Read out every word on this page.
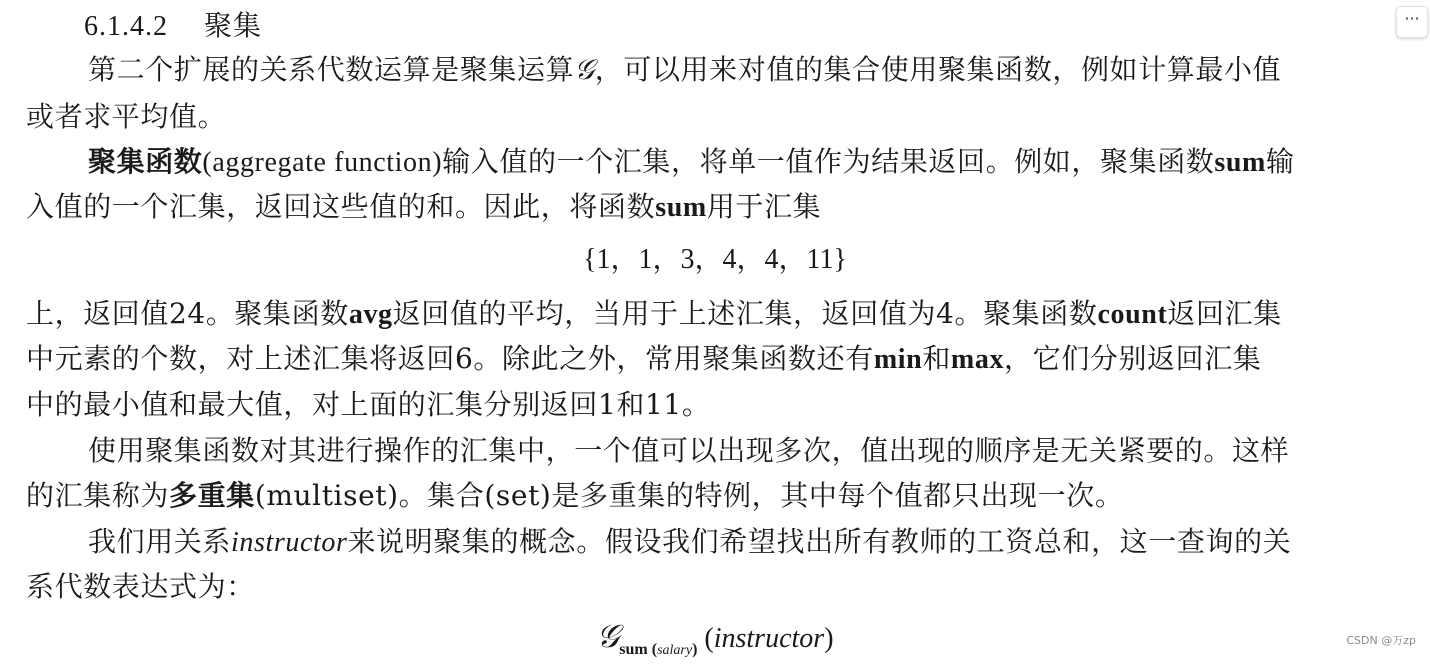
6.1.4.2 聚集
第二个扩展的关系代数运算是聚集运算𝒢，可以用来对值的集合使用聚集函数，例如计算最小值
或者求平均值。
聚集函数(aggregate function)输入值的一个汇集，将单一值作为结果返回。例如，聚集函数sum输
入值的一个汇集，返回这些值的和。因此，将函数sum用于汇集
{1，1，3，4，4，11}
上，返回值24。聚集函数avg返回值的平均，当用于上述汇集，返回值为4。聚集函数count返回汇集
中元素的个数，对上述汇集将返回6。除此之外，常用聚集函数还有min和max，它们分别返回汇集
中的最小值和最大值，对上面的汇集分别返回1和11。
使用聚集函数对其进行操作的汇集中，一个值可以出现多次，值出现的顺序是无关紧要的。这样
的汇集称为多重集(multiset)。集合(set)是多重集的特例，其中每个值都只出现一次。
我们用关系instructor来说明聚集的概念。假设我们希望找出所有教师的工资总和，这一查询的关
系代数表达式为：
𝒢$_{sum (salary)}$ (instructor)
···
CSDN @万zp
